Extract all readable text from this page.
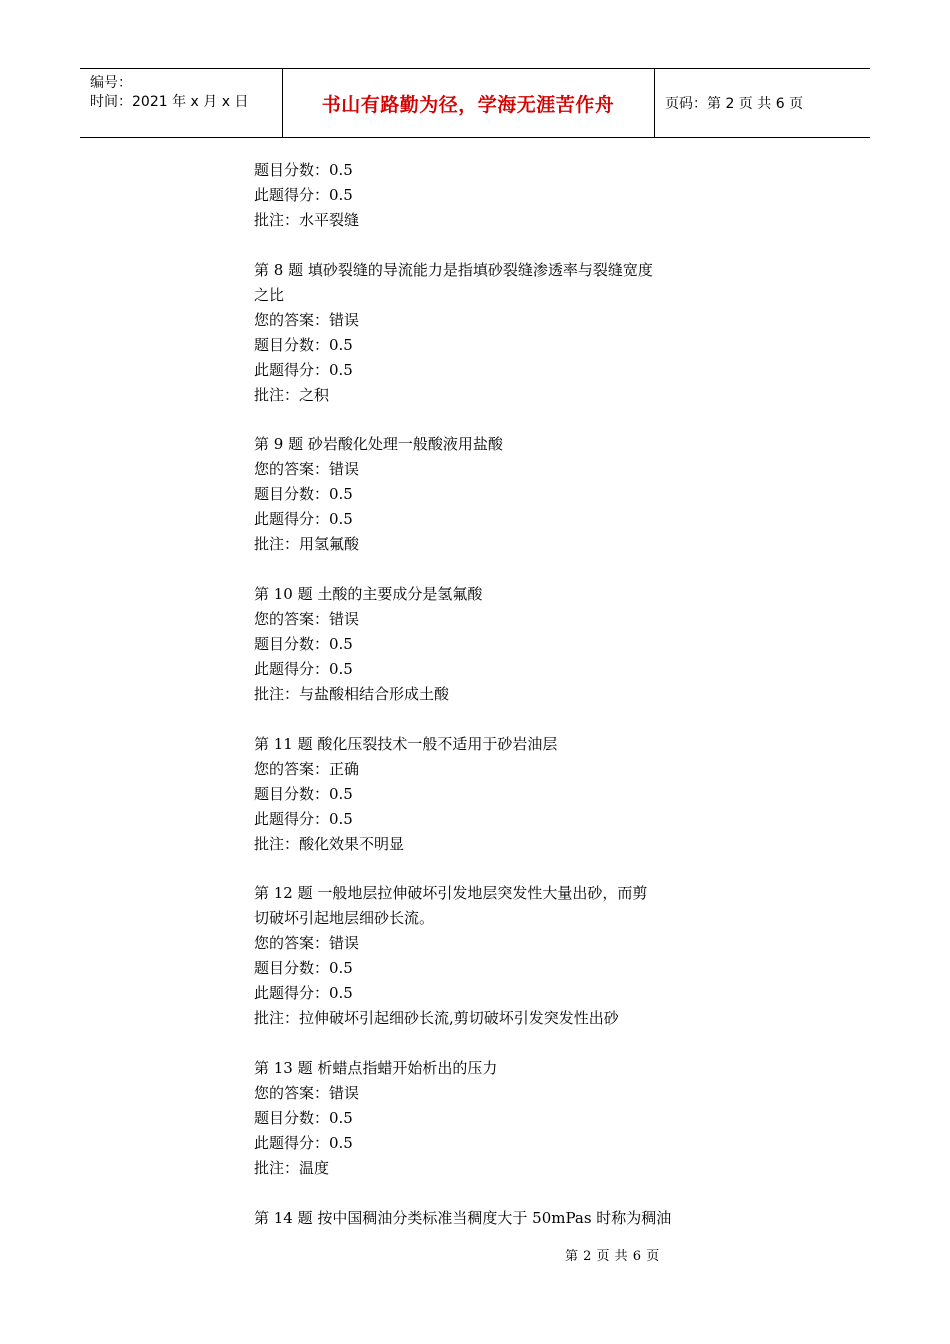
编号：
时间：2021 年 x 月 x 日	书山有路勤为径，学海无涯苦作舟	页码：第 2 页 共 6 页
题目分数：0.5
此题得分：0.5
批注：水平裂缝
第 8 题 填砂裂缝的导流能力是指填砂裂缝渗透率与裂缝宽度
之比
您的答案：错误
题目分数：0.5
此题得分：0.5
批注：之积
第 9 题 砂岩酸化处理一般酸液用盐酸
您的答案：错误
题目分数：0.5
此题得分：0.5
批注：用氢氟酸
第 10 题 土酸的主要成分是氢氟酸
您的答案：错误
题目分数：0.5
此题得分：0.5
批注：与盐酸相结合形成土酸
第 11 题 酸化压裂技术一般不适用于砂岩油层
您的答案：正确
题目分数：0.5
此题得分：0.5
批注：酸化效果不明显
第 12 题 一般地层拉伸破坏引发地层突发性大量出砂，而剪
切破坏引起地层细砂长流。
您的答案：错误
题目分数：0.5
此题得分：0.5
批注：拉伸破坏引起细砂长流,剪切破坏引发突发性出砂
第 13 题 析蜡点指蜡开始析出的压力
您的答案：错误
题目分数：0.5
此题得分：0.5
批注：温度
第 14 题 按中国稠油分类标准当稠度大于 50mPas 时称为稠油
第 2 页 共 6 页
